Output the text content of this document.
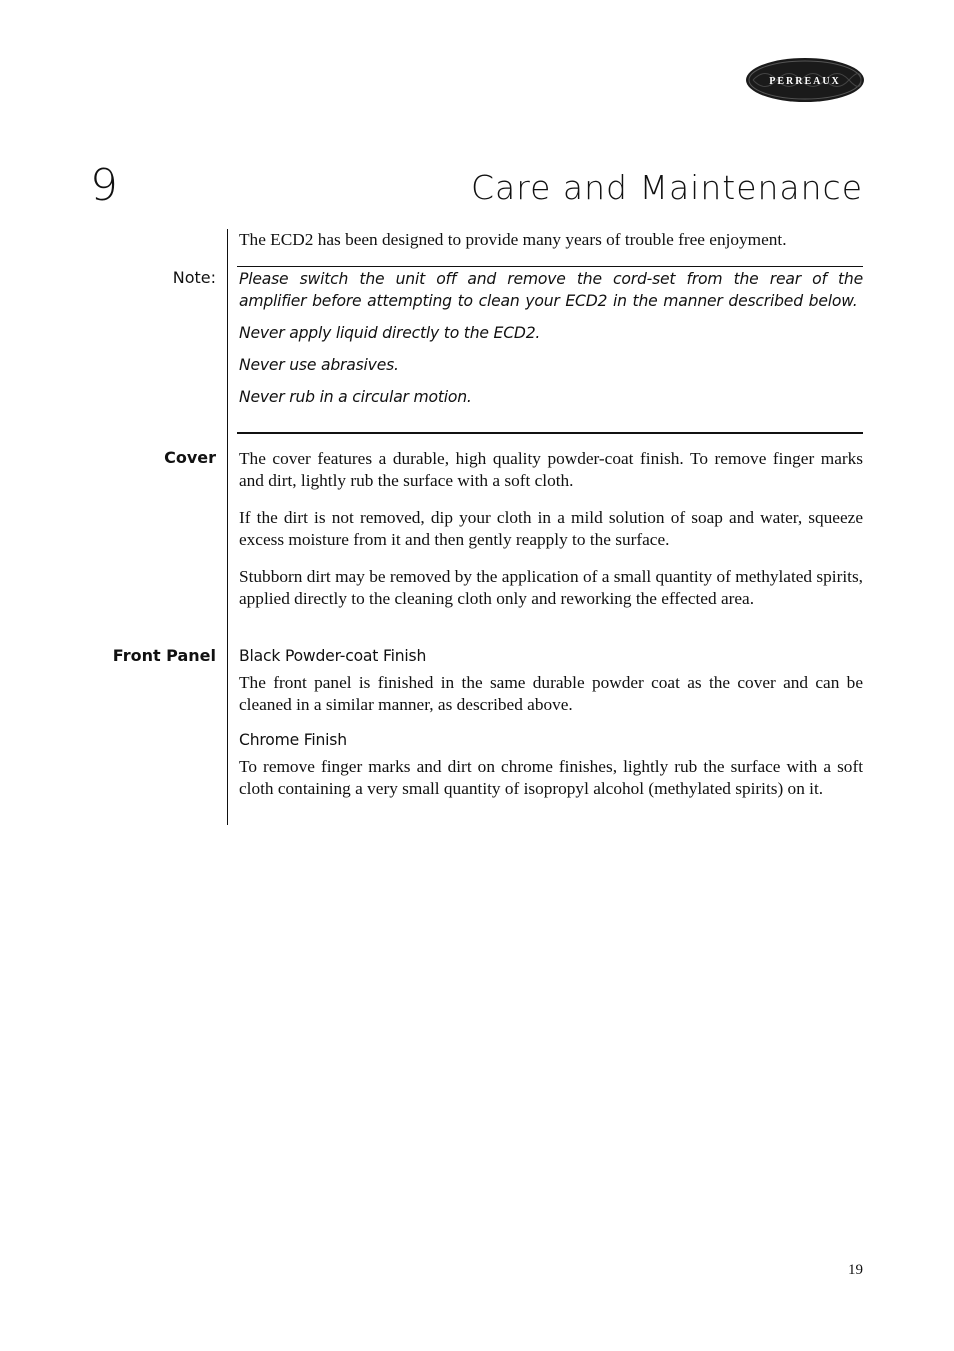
PERREAUX
9	Care and Maintenance

The ECD2 has been designed to provide many years of trouble free enjoyment.

Note: Please switch the unit off and remove the cord-set from the rear of the amplifier before attempting to clean your ECD2 in the manner described below.

Never apply liquid directly to the ECD2.

Never use abrasives.

Never rub in a circular motion.

Cover The cover features a durable, high quality powder-coat finish. To remove finger marks and dirt, lightly rub the surface with a soft cloth.

If the dirt is not removed, dip your cloth in a mild solution of soap and water, squeeze excess moisture from it and then gently reapply to the surface.

Stubborn dirt may be removed by the application of a small quantity of methylated spirits, applied directly to the cleaning cloth only and reworking the effected area.

Front Panel Black Powder-coat Finish

The front panel is finished in the same durable powder coat as the cover and can be cleaned in a similar manner, as described above.

Chrome Finish

To remove finger marks and dirt on chrome finishes, lightly rub the surface with a soft cloth containing a very small quantity of isopropyl alcohol (methylated spirits) on it.

19
